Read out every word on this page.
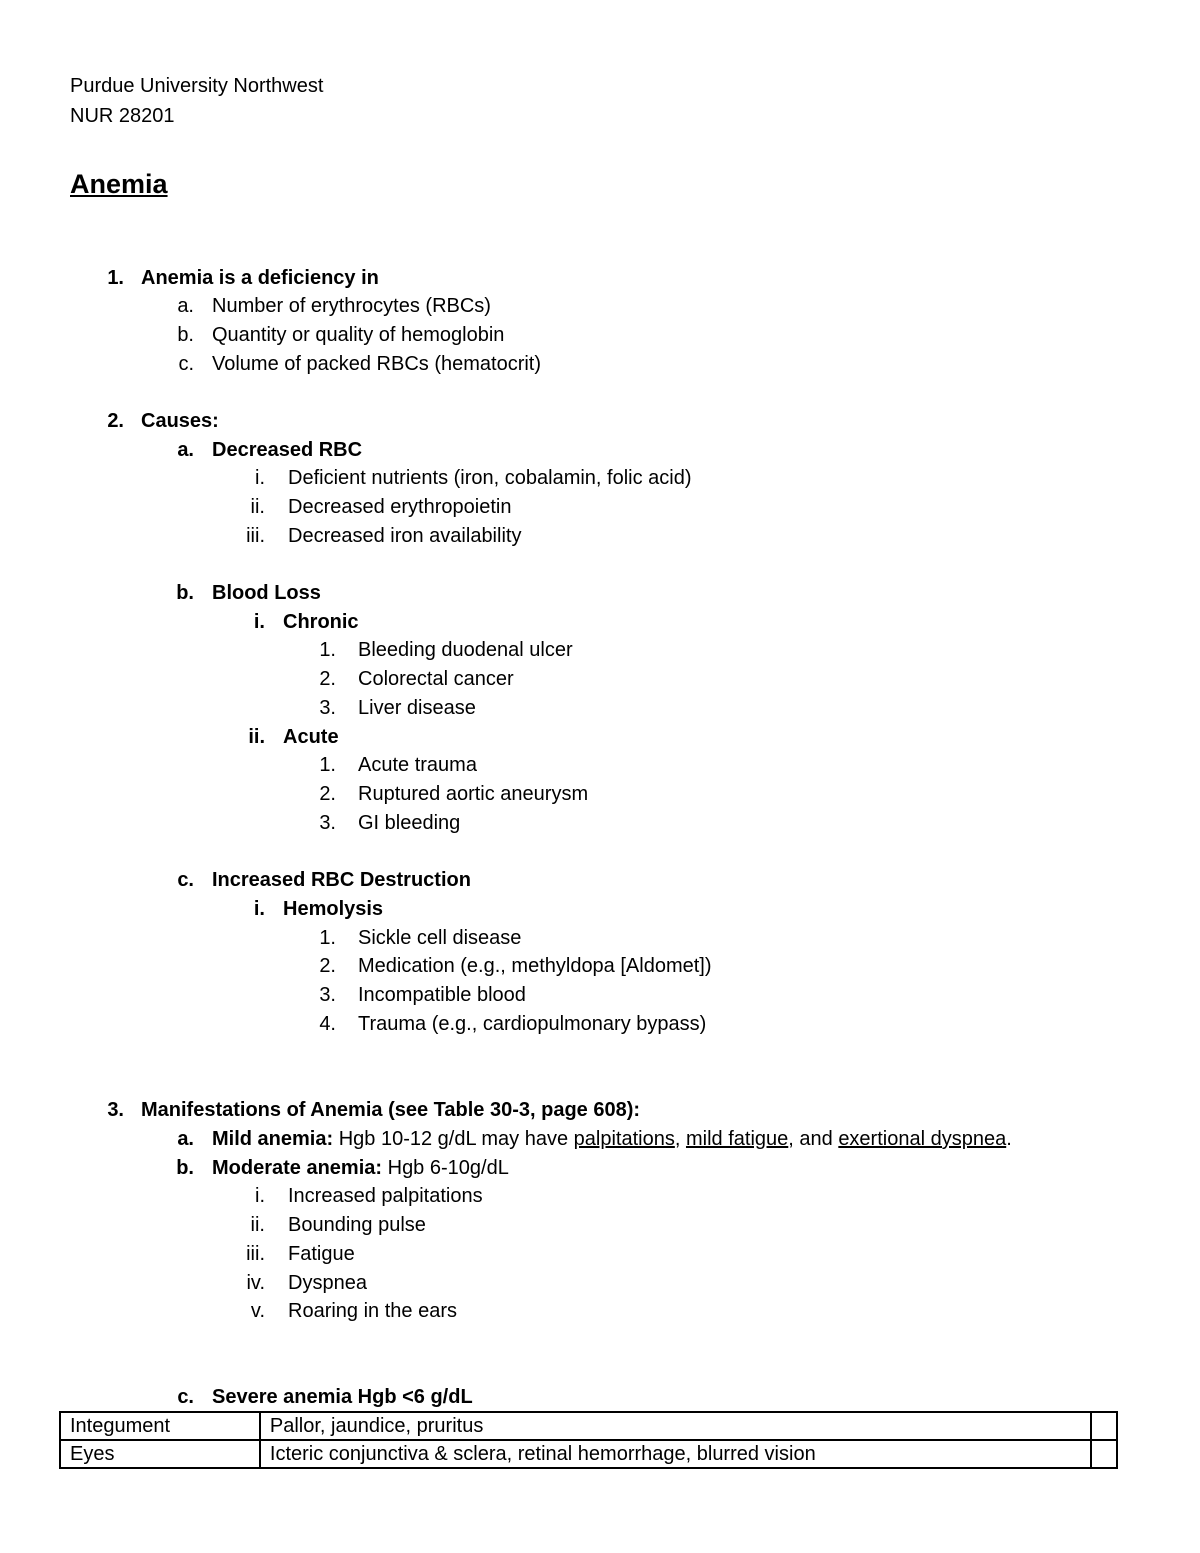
Purdue University Northwest
NUR 28201
Anemia
1. Anemia is a deficiency in
a. Number of erythrocytes (RBCs)
b. Quantity or quality of hemoglobin
c. Volume of packed RBCs (hematocrit)
2. Causes:
a. Decreased RBC
i. Deficient nutrients (iron, cobalamin, folic acid)
ii. Decreased erythropoietin
iii. Decreased iron availability
b. Blood Loss
i. Chronic
1. Bleeding duodenal ulcer
2. Colorectal cancer
3. Liver disease
ii. Acute
1. Acute trauma
2. Ruptured aortic aneurysm
3. GI bleeding
c. Increased RBC Destruction
i. Hemolysis
1. Sickle cell disease
2. Medication (e.g., methyldopa [Aldomet])
3. Incompatible blood
4. Trauma (e.g., cardiopulmonary bypass)
3. Manifestations of Anemia (see Table 30-3, page 608):
a. Mild anemia: Hgb 10-12 g/dL may have palpitations, mild fatigue, and exertional dyspnea.
b. Moderate anemia: Hgb 6-10g/dL
i. Increased palpitations
ii. Bounding pulse
iii. Fatigue
iv. Dyspnea
v. Roaring in the ears
c. Severe anemia Hgb <6 g/dL
Integument	Pallor, jaundice, pruritus	
Eyes	Icteric conjunctiva & sclera, retinal hemorrhage, blurred vision	
